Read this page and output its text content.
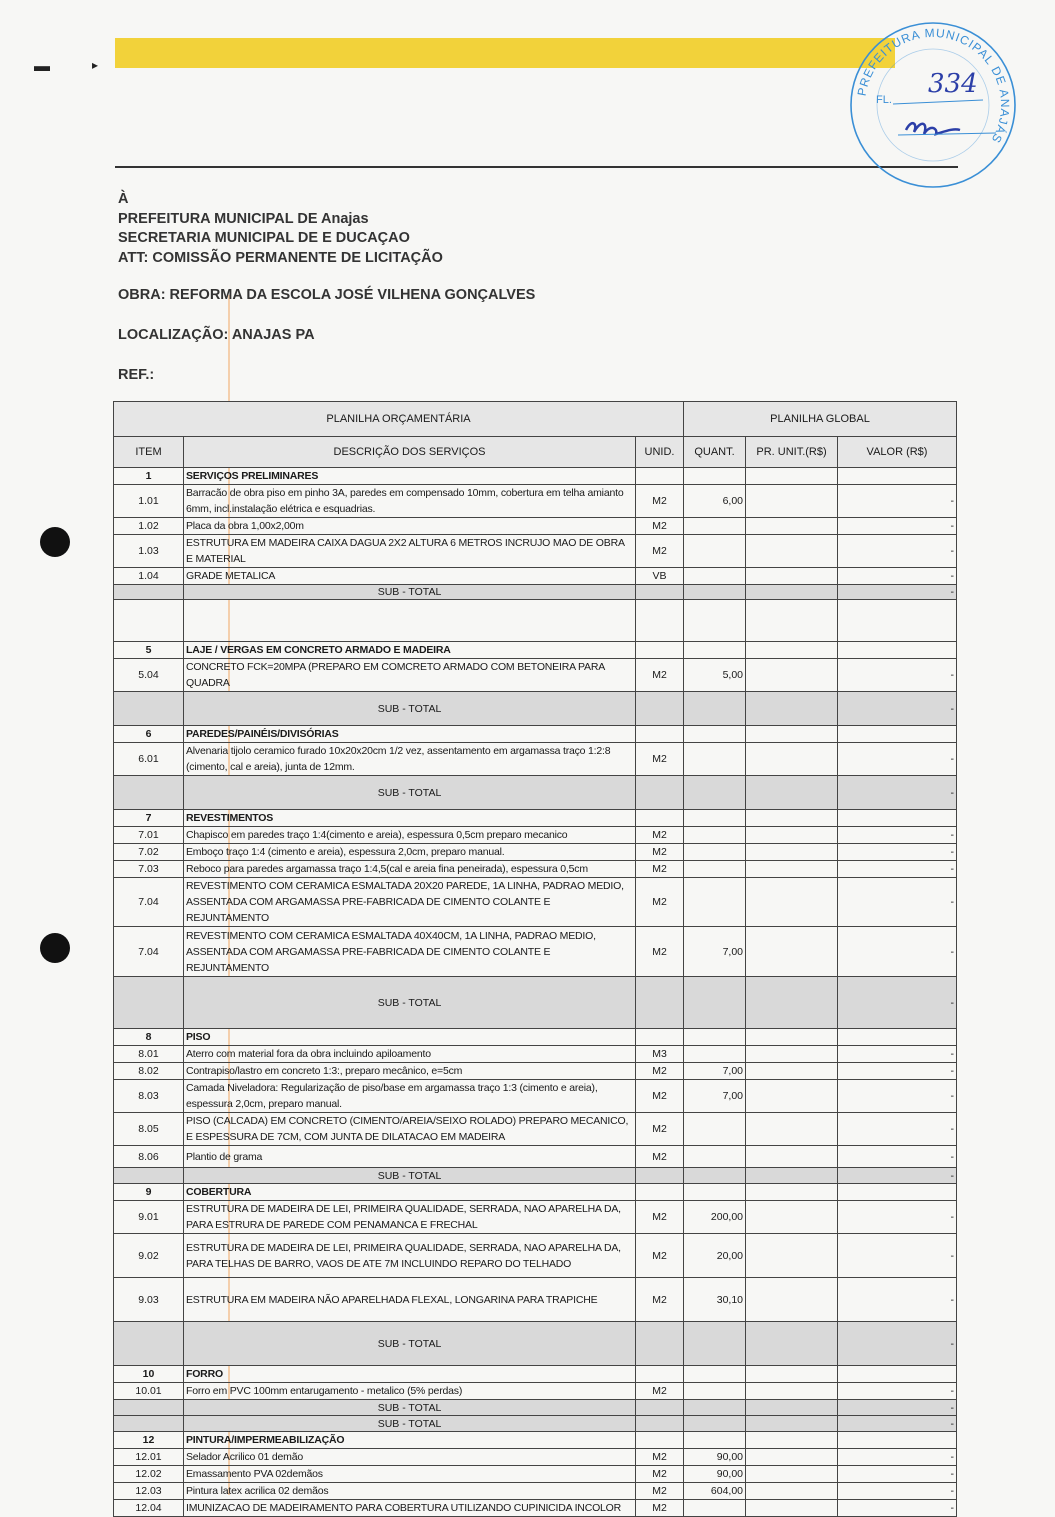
▬	▸
PREFEITURA MUNICIPAL DE ANAJÁS
FL.
334
À
PREFEITURA MUNICIPAL DE Anajas
SECRETARIA MUNICIPAL DE E DUCAÇAO
ATT: COMISSÃO PERMANENTE DE LICITAÇÃO
OBRA: REFORMA DA ESCOLA JOSÉ VILHENA GONÇALVES
LOCALIZAÇÃO: ANAJAS PA
REF.:
PLANILHA ORÇAMENTÁRIA			PLANILHA GLOBAL		
ITEM	DESCRIÇÃO DOS SERVIÇOS	UNID.	QUANT.	PR. UNIT.(R$)	VALOR (R$)
1	SERVIÇOS PRELIMINARES				
1.01	Barracão de obra piso em pinho 3A, paredes em compensado 10mm, cobertura em telha amianto 6mm, incl.instalação elétrica e esquadrias.	M2	6,00		-
1.02	Placa da obra 1,00x2,00m	M2			-
1.03	ESTRUTURA EM MADEIRA CAIXA DAGUA 2X2 ALTURA 6 METROS INCRUJO MAO DE OBRA E MATERIAL	M2			-
1.04	GRADE METALICA	VB			-
	SUB - TOTAL				-

5	LAJE / VERGAS EM CONCRETO ARMADO E MADEIRA				
5.04	CONCRETO FCK=20MPA (PREPARO EM COMCRETO ARMADO COM BETONEIRA PARA QUADRA	M2	5,00		-
	SUB - TOTAL				-
6	PAREDES/PAINÉIS/DIVISÓRIAS				
6.01	Alvenaria tijolo ceramico furado 10x20x20cm 1/2 vez, assentamento em argamassa traço 1:2:8 (cimento, cal e areia), junta de 12mm.	M2			-
	SUB - TOTAL				-
7	REVESTIMENTOS				
7.01	Chapisco em paredes traço 1:4(cimento e areia), espessura 0,5cm preparo mecanico	M2			-
7.02	Emboço traço 1:4 (cimento e areia), espessura 2,0cm, preparo manual.	M2			-
7.03	Reboco para paredes argamassa traço 1:4,5(cal e areia fina peneirada), espessura 0,5cm	M2			-
7.04	REVESTIMENTO COM CERAMICA ESMALTADA 20X20 PAREDE, 1A LINHA, PADRAO MEDIO, ASSENTADA COM ARGAMASSA PRE-FABRICADA DE CIMENTO COLANTE E REJUNTAMENTO	M2			-
7.04	REVESTIMENTO COM CERAMICA ESMALTADA 40X40CM, 1A LINHA, PADRAO MEDIO, ASSENTADA COM ARGAMASSA PRE-FABRICADA DE CIMENTO COLANTE E REJUNTAMENTO	M2	7,00		-
	SUB - TOTAL				-
8	PISO				
8.01	Aterro com material fora da obra incluindo apiloamento	M3			-
8.02	Contrapiso/lastro em concreto 1:3:, preparo mecânico, e=5cm	M2	7,00		-
8.03	Camada Niveladora: Regularização de piso/base em argamassa traço 1:3 (cimento e areia), espessura 2,0cm, preparo manual.	M2	7,00		-
8.05	PISO (CALCADA) EM CONCRETO (CIMENTO/AREIA/SEIXO ROLADO) PREPARO MECANICO, E ESPESSURA DE 7CM, COM JUNTA DE DILATACAO EM MADEIRA	M2			-
8.06	Plantio de grama	M2			-
	SUB - TOTAL				-
9	COBERTURA				
9.01	ESTRUTURA DE MADEIRA DE LEI, PRIMEIRA QUALIDADE, SERRADA, NAO APARELHA DA, PARA ESTRURA DE PAREDE COM PENAMANCA E FRECHAL	M2	200,00		-
9.02	ESTRUTURA DE MADEIRA DE LEI, PRIMEIRA QUALIDADE, SERRADA, NAO APARELHA DA, PARA TELHAS DE BARRO, VAOS DE ATE 7M INCLUINDO REPARO DO TELHADO	M2	20,00		-
9.03	ESTRUTURA EM MADEIRA NÃO APARELHADA FLEXAL, LONGARINA PARA TRAPICHE	M2	30,10		-
	SUB - TOTAL				-
10	FORRO				
10.01	Forro em PVC 100mm entarugamento - metalico (5% perdas)	M2			-
	SUB - TOTAL				-
	SUB - TOTAL				-
12	PINTURA/IMPERMEABILIZAÇÃO				
12.01	Selador Acrilico 01 demão	M2	90,00		-
12.02	Emassamento PVA 02demãos	M2	90,00		-
12.03	Pintura latex acrilica 02 demãos	M2	604,00		-
12.04	IMUNIZACAO DE MADEIRAMENTO PARA COBERTURA UTILIZANDO CUPINICIDA INCOLOR	M2			-
